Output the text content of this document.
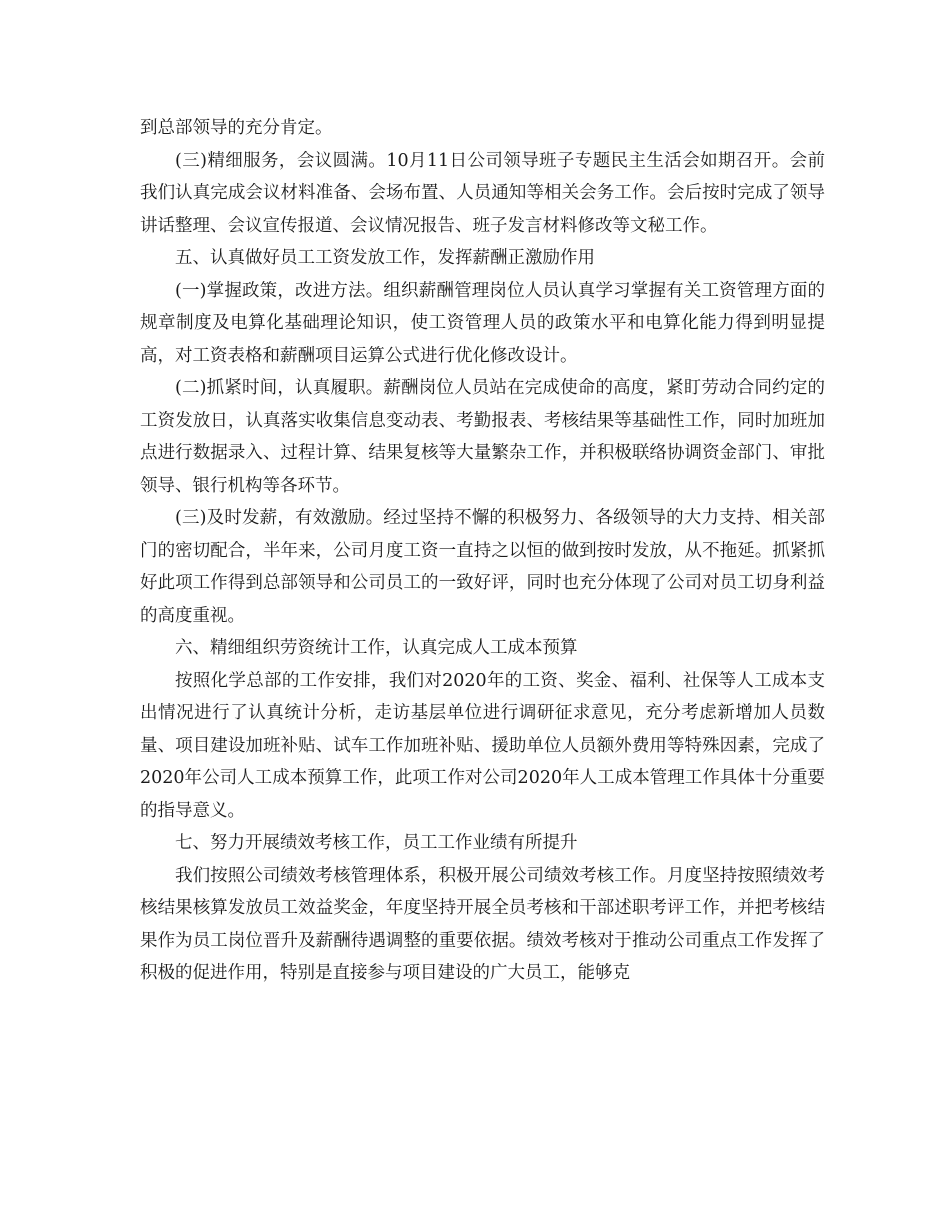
到总部领导的充分肯定。

(三)精细服务，会议圆满。10月11日公司领导班子专题民主生活会如期召开。会前我们认真完成会议材料准备、会场布置、人员通知等相关会务工作。会后按时完成了领导讲话整理、会议宣传报道、会议情况报告、班子发言材料修改等文秘工作。

五、认真做好员工工资发放工作，发挥薪酬正激励作用

(一)掌握政策，改进方法。组织薪酬管理岗位人员认真学习掌握有关工资管理方面的规章制度及电算化基础理论知识，使工资管理人员的政策水平和电算化能力得到明显提高，对工资表格和薪酬项目运算公式进行优化修改设计。

(二)抓紧时间，认真履职。薪酬岗位人员站在完成使命的高度，紧盯劳动合同约定的工资发放日，认真落实收集信息变动表、考勤报表、考核结果等基础性工作，同时加班加点进行数据录入、过程计算、结果复核等大量繁杂工作，并积极联络协调资金部门、审批领导、银行机构等各环节。

(三)及时发薪，有效激励。经过坚持不懈的积极努力、各级领导的大力支持、相关部门的密切配合，半年来，公司月度工资一直持之以恒的做到按时发放，从不拖延。抓紧抓好此项工作得到总部领导和公司员工的一致好评，同时也充分体现了公司对员工切身利益的高度重视。

六、精细组织劳资统计工作，认真完成人工成本预算

按照化学总部的工作安排，我们对2020年的工资、奖金、福利、社保等人工成本支出情况进行了认真统计分析，走访基层单位进行调研征求意见，充分考虑新增加人员数量、项目建设加班补贴、试车工作加班补贴、援助单位人员额外费用等特殊因素，完成了2020年公司人工成本预算工作，此项工作对公司2020年人工成本管理工作具体十分重要的指导意义。

七、努力开展绩效考核工作，员工工作业绩有所提升

我们按照公司绩效考核管理体系，积极开展公司绩效考核工作。月度坚持按照绩效考核结果核算发放员工效益奖金，年度坚持开展全员考核和干部述职考评工作，并把考核结果作为员工岗位晋升及薪酬待遇调整的重要依据。绩效考核对于推动公司重点工作发挥了积极的促进作用，特别是直接参与项目建设的广大员工，能够克
